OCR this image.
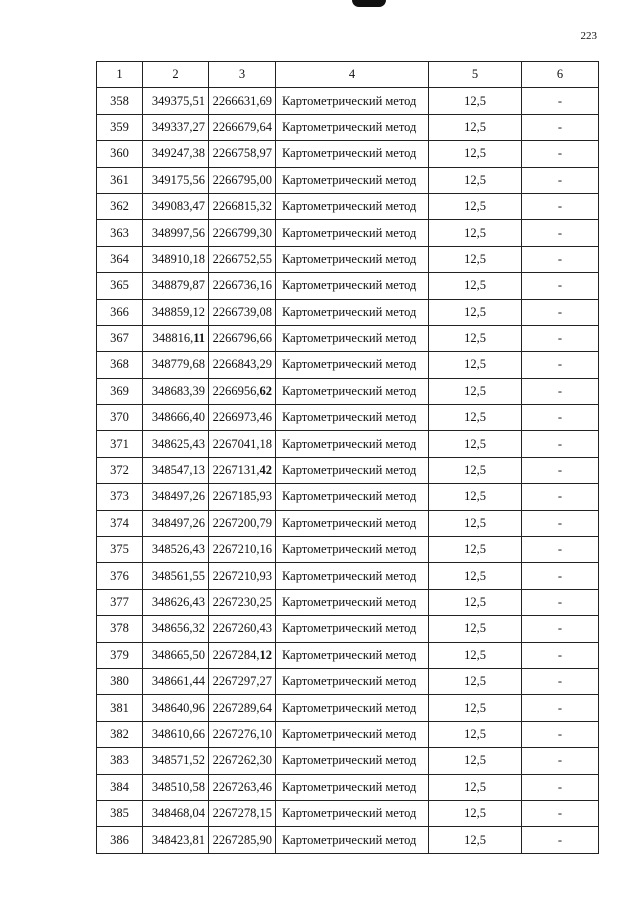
223
1	2	3	4	5	6
358	349375,51	2266631,69	Картометрический метод	12,5	-
359	349337,27	2266679,64	Картометрический метод	12,5	-
360	349247,38	2266758,97	Картометрический метод	12,5	-
361	349175,56	2266795,00	Картометрический метод	12,5	-
362	349083,47	2266815,32	Картометрический метод	12,5	-
363	348997,56	2266799,30	Картометрический метод	12,5	-
364	348910,18	2266752,55	Картометрический метод	12,5	-
365	348879,87	2266736,16	Картометрический метод	12,5	-
366	348859,12	2266739,08	Картометрический метод	12,5	-
367	348816,11	2266796,66	Картометрический метод	12,5	-
368	348779,68	2266843,29	Картометрический метод	12,5	-
369	348683,39	2266956,62	Картометрический метод	12,5	-
370	348666,40	2266973,46	Картометрический метод	12,5	-
371	348625,43	2267041,18	Картометрический метод	12,5	-
372	348547,13	2267131,42	Картометрический метод	12,5	-
373	348497,26	2267185,93	Картометрический метод	12,5	-
374	348497,26	2267200,79	Картометрический метод	12,5	-
375	348526,43	2267210,16	Картометрический метод	12,5	-
376	348561,55	2267210,93	Картометрический метод	12,5	-
377	348626,43	2267230,25	Картометрический метод	12,5	-
378	348656,32	2267260,43	Картометрический метод	12,5	-
379	348665,50	2267284,12	Картометрический метод	12,5	-
380	348661,44	2267297,27	Картометрический метод	12,5	-
381	348640,96	2267289,64	Картометрический метод	12,5	-
382	348610,66	2267276,10	Картометрический метод	12,5	-
383	348571,52	2267262,30	Картометрический метод	12,5	-
384	348510,58	2267263,46	Картометрический метод	12,5	-
385	348468,04	2267278,15	Картометрический метод	12,5	-
386	348423,81	2267285,90	Картометрический метод	12,5	-
